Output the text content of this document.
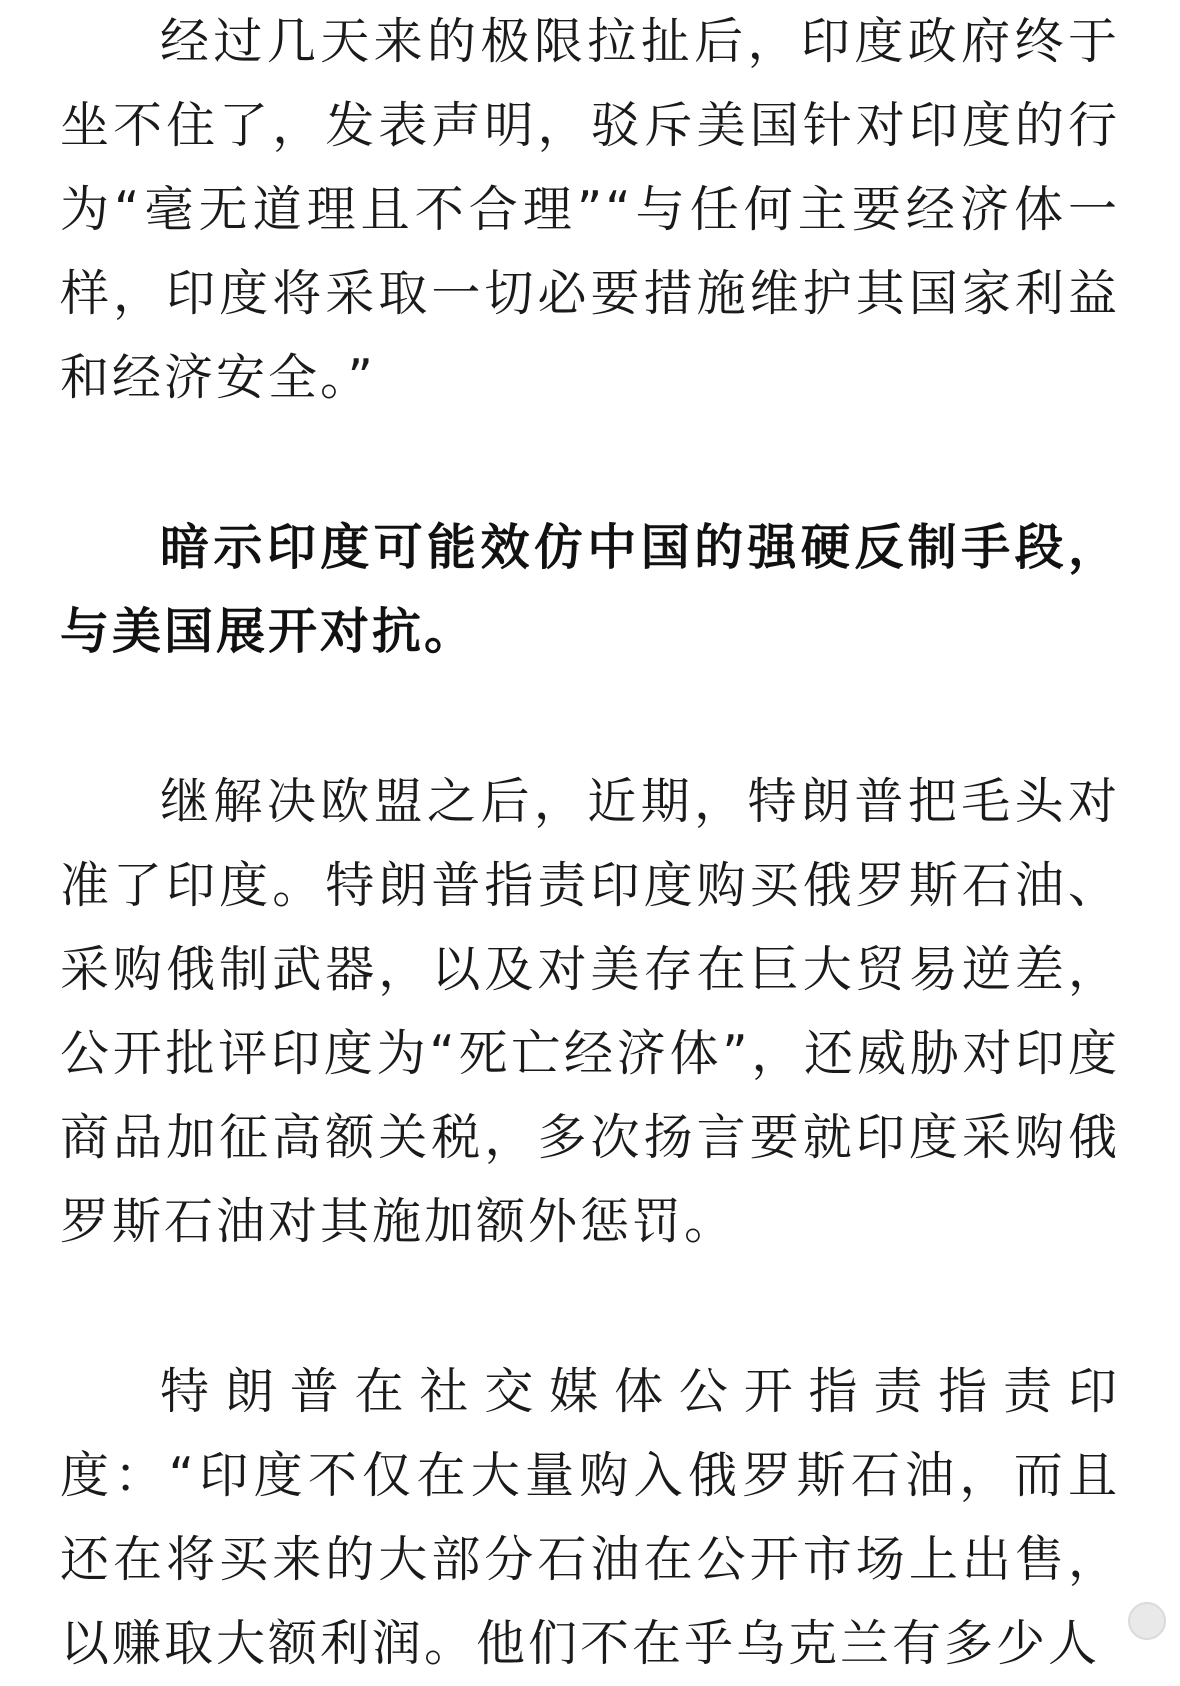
经过几天来的极限拉扯后，印度政府终于坐不住了，发表声明，驳斥美国针对印度的行为“毫无道理且不合理”“与任何主要经济体一样，印度将采取一切必要措施维护其国家利益和经济安全。”

暗示印度可能效仿中国的强硬反制手段，与美国展开对抗。

继解决欧盟之后，近期，特朗普把毛头对准了印度。特朗普指责印度购买俄罗斯石油、采购俄制武器，以及对美存在巨大贸易逆差，公开批评印度为“死亡经济体”，还威胁对印度商品加征高额关税，多次扬言要就印度采购俄罗斯石油对其施加额外惩罚。

特朗普在社交媒体公开指责指责印度：“印度不仅在大量购入俄罗斯石油，而且还在将买来的大部分石油在公开市场上出售，以赚取大额利润。他们不在乎乌克兰有多少人
